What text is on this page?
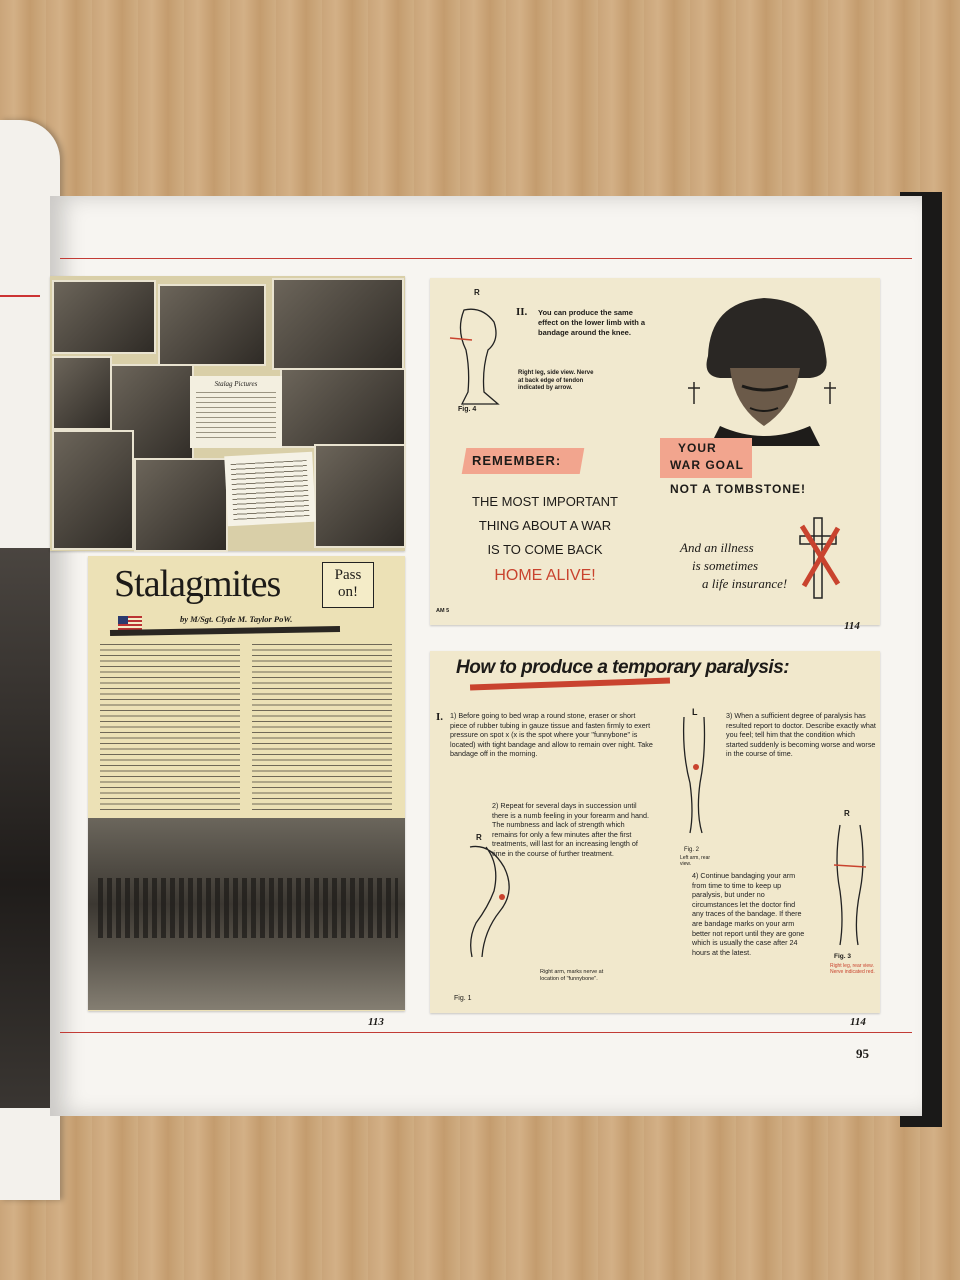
Stalag Pictures
Stalagmites	Pass on!
by M/Sgt. Clyde M. Taylor PoW.
113
R
Fig. 4
II. You can produce the same effect on the lower limb with a bandage around the knee.
Right leg, side view. Nerve at back edge of tendon indicated by arrow.
REMEMBER:
THE MOST IMPORTANT
THING ABOUT A WAR
IS TO COME BACK
HOME ALIVE!
AM 5
YOUR
WAR GOAL
NOT A TOMBSTONE!
And an illness
is sometimes
a life insurance!
114
How to produce a temporary paralysis:
I. 1) Before going to bed wrap a round stone, eraser or short piece of rubber tubing in gauze tissue and fasten firmly to exert pressure on spot x (x is the spot where your "funnybone" is located) with tight bandage and allow to remain over night. Take bandage off in the morning.
2) Repeat for several days in succession until there is a numb feeling in your forearm and hand. The numbness and lack of strength which remains for only a few minutes after the first treatments, will last for an increasing length of time in the course of further treatment.
3) When a sufficient degree of paralysis has resulted report to doctor. Describe exactly what you feel; tell him that the condition which started suddenly is becoming worse and worse in the course of time.
4) Continue bandaging your arm from time to time to keep up paralysis, but under no circumstances let the doctor find any traces of the bandage. If there are bandage marks on your arm better not report until they are gone which is usually the case after 24 hours at the latest.
R
Fig. 1
Right arm, marks nerve at location of "funnybone".
L
Fig. 2
Left arm, rear view.
R
Fig. 3
Right leg, rear view. Nerve indicated red.
114
95
